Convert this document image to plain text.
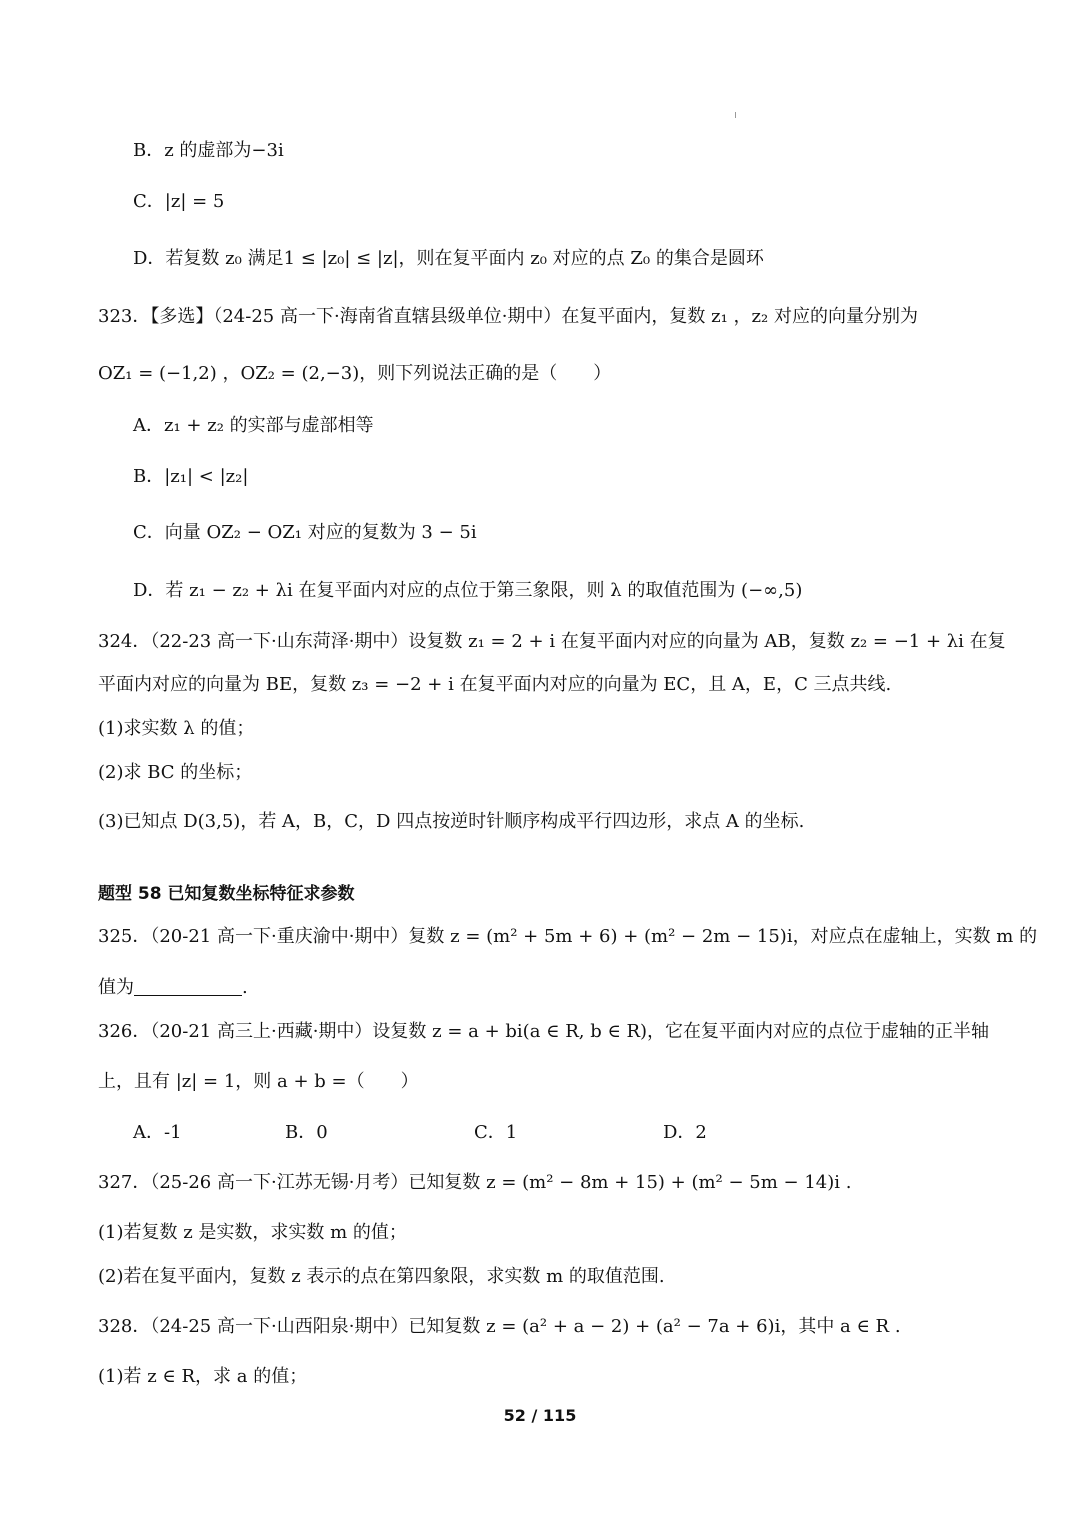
B．z 的虚部为−3i
C．|z| = 5
D．若复数 z₀ 满足1 ≤ |z₀| ≤ |z|，则在复平面内 z₀ 对应的点 Z₀ 的集合是圆环
323．【多选】（24-25 高一下·海南省直辖县级单位·期中）在复平面内，复数 z₁ ，z₂ 对应的向量分别为
OZ₁ = (−1,2) ，OZ₂ = (2,−3)，则下列说法正确的是（　　）
A．z₁ + z₂ 的实部与虚部相等
B．|z₁| < |z₂|
C．向量 OZ₂ − OZ₁ 对应的复数为 3 − 5i
D．若 z₁ − z₂ + λi 在复平面内对应的点位于第三象限，则 λ 的取值范围为 (−∞,5)
324．（22-23 高一下·山东菏泽·期中）设复数 z₁ = 2 + i 在复平面内对应的向量为 AB，复数 z₂ = −1 + λi 在复
平面内对应的向量为 BE，复数 z₃ = −2 + i 在复平面内对应的向量为 EC，且 A，E，C 三点共线.
(1)求实数 λ 的值；
(2)求 BC 的坐标；
(3)已知点 D(3,5)，若 A，B，C，D 四点按逆时针顺序构成平行四边形，求点 A 的坐标.
题型 58 已知复数坐标特征求参数
325．（20-21 高一下·重庆渝中·期中）复数 z = (m² + 5m + 6) + (m² − 2m − 15)i，对应点在虚轴上，实数 m 的
值为	.
326．（20-21 高三上·西藏·期中）设复数 z = a + bi(a ∈ R, b ∈ R)，它在复平面内对应的点位于虚轴的正半轴
上，且有 |z| = 1，则 a + b =（　　）
A．-1	B．0	C．1	D．2
327．（25-26 高一下·江苏无锡·月考）已知复数 z = (m² − 8m + 15) + (m² − 5m − 14)i .
(1)若复数 z 是实数，求实数 m 的值；
(2)若在复平面内，复数 z 表示的点在第四象限，求实数 m 的取值范围.
328．（24-25 高一下·山西阳泉·期中）已知复数 z = (a² + a − 2) + (a² − 7a + 6)i，其中 a ∈ R .
(1)若 z ∈ R，求 a 的值；
52 / 115
